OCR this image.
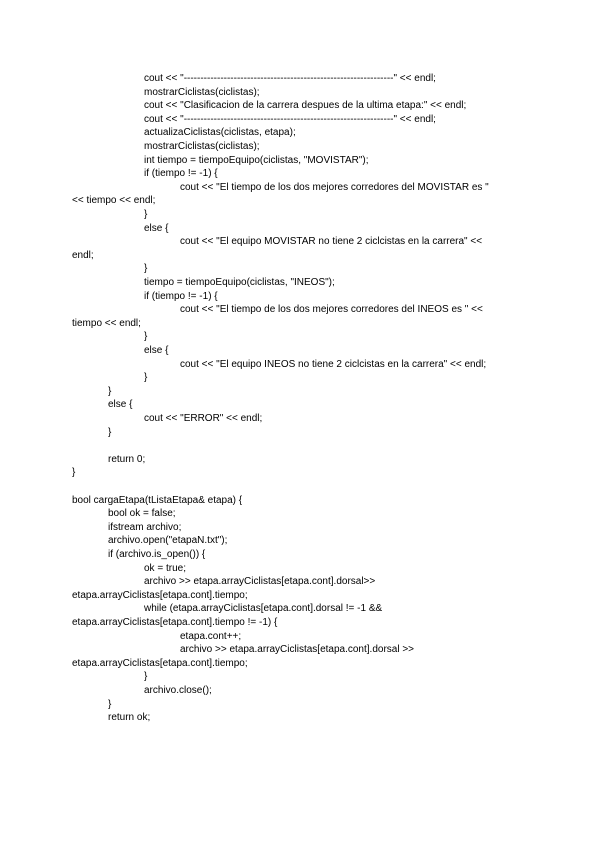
cout << "---------------------------------------------------------------" << endl;
mostrarCiclistas(ciclistas);
cout << "Clasificacion de la carrera despues de la ultima etapa:" << endl;
cout << "---------------------------------------------------------------" << endl;
actualizaCiclistas(ciclistas, etapa);
mostrarCiclistas(ciclistas);
int tiempo = tiempoEquipo(ciclistas, "MOVISTAR");
if (tiempo != -1) {
cout << "El tiempo de los dos mejores corredores del MOVISTAR es "
<< tiempo << endl;
}
else {
cout << "El equipo MOVISTAR no tiene 2 ciclcistas en la carrera" <<
endl;
}
tiempo = tiempoEquipo(ciclistas, "INEOS");
if (tiempo != -1) {
cout << "El tiempo de los dos mejores corredores del INEOS es " <<
tiempo << endl;
}
else {
cout << "El equipo INEOS no tiene 2 ciclcistas en la carrera" << endl;
}
}
else {
cout << "ERROR" << endl;
}
return 0;
}
bool cargaEtapa(tListaEtapa& etapa) {
bool ok = false;
ifstream archivo;
archivo.open("etapaN.txt");
if (archivo.is_open()) {
ok = true;
archivo >> etapa.arrayCiclistas[etapa.cont].dorsal>>
etapa.arrayCiclistas[etapa.cont].tiempo;
while (etapa.arrayCiclistas[etapa.cont].dorsal != -1 &&
etapa.arrayCiclistas[etapa.cont].tiempo != -1) {
etapa.cont++;
archivo >> etapa.arrayCiclistas[etapa.cont].dorsal >>
etapa.arrayCiclistas[etapa.cont].tiempo;
}
archivo.close();
}
return ok;
